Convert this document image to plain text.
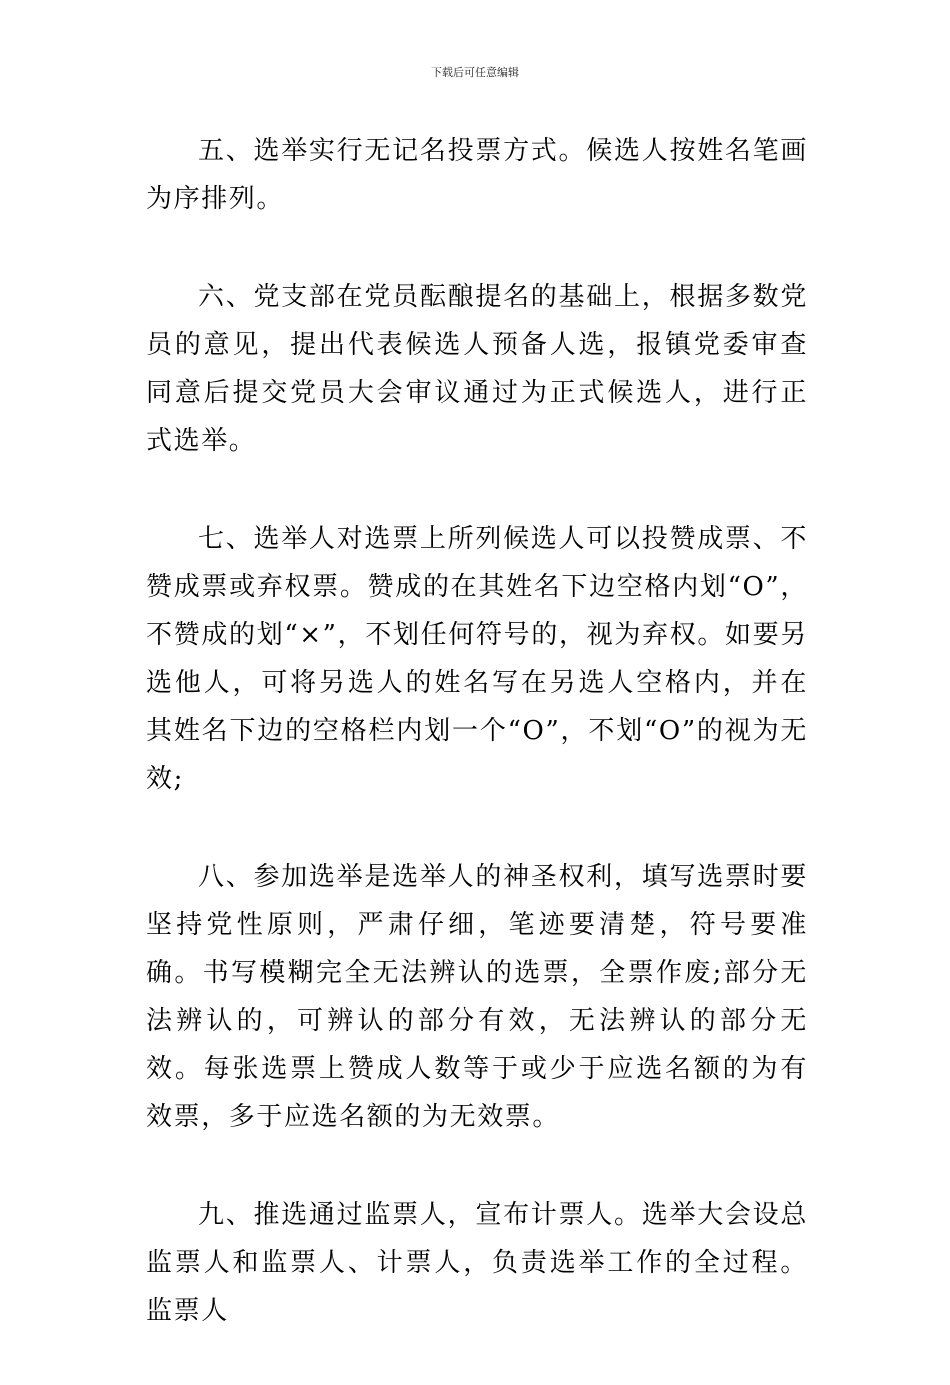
下载后可任意编辑

五、选举实行无记名投票方式。候选人按姓名笔画为序排列。

六、党支部在党员酝酿提名的基础上，根据多数党员的意见，提出代表候选人预备人选，报镇党委审查同意后提交党员大会审议通过为正式候选人，进行正式选举。

七、选举人对选票上所列候选人可以投赞成票、不赞成票或弃权票。赞成的在其姓名下边空格内划“O”，不赞成的划“×”，不划任何符号的，视为弃权。如要另选他人，可将另选人的姓名写在另选人空格内，并在其姓名下边的空格栏内划一个“O”，不划“O”的视为无效;

八、参加选举是选举人的神圣权利，填写选票时要坚持党性原则，严肃仔细，笔迹要清楚，符号要准确。书写模糊完全无法辨认的选票，全票作废;部分无法辨认的，可辨认的部分有效，无法辨认的部分无效。每张选票上赞成人数等于或少于应选名额的为有效票，多于应选名额的为无效票。

九、推选通过监票人，宣布计票人。选举大会设总监票人和监票人、计票人，负责选举工作的全过程。监票人
